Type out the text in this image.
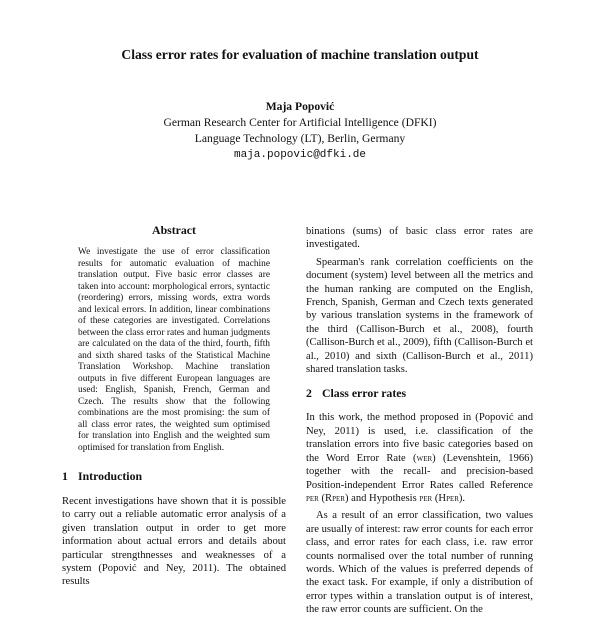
Class error rates for evaluation of machine translation output
Maja Popović
German Research Center for Artificial Intelligence (DFKI)
Language Technology (LT), Berlin, Germany
maja.popovic@dfki.de
Abstract

We investigate the use of error classification results for automatic evaluation of machine translation output. Five basic error classes are taken into account: morphological errors, syntactic (reordering) errors, missing words, extra words and lexical errors. In addition, linear combinations of these categories are investigated. Correlations between the class error rates and human judgments are calculated on the data of the third, fourth, fifth and sixth shared tasks of the Statistical Machine Translation Workshop. Machine translation outputs in five different European languages are used: English, Spanish, French, German and Czech. The results show that the following combinations are the most promising: the sum of all class error rates, the weighted sum optimised for translation into English and the weighted sum optimised for translation from English.

1 Introduction

Recent investigations have shown that it is possible to carry out a reliable automatic error analysis of a given translation output in order to get more information about actual errors and details about particular strengthnesses and weaknesses of a system (Popović and Ney, 2011). The obtained results

binations (sums) of basic class error rates are investigated.

Spearman's rank correlation coefficients on the document (system) level between all the metrics and the human ranking are computed on the English, French, Spanish, German and Czech texts generated by various translation systems in the framework of the third (Callison-Burch et al., 2008), fourth (Callison-Burch et al., 2009), fifth (Callison-Burch et al., 2010) and sixth (Callison-Burch et al., 2011) shared translation tasks.

2 Class error rates

In this work, the method proposed in (Popović and Ney, 2011) is used, i.e. classification of the translation errors into five basic categories based on the Word Error Rate (wer) (Levenshtein, 1966) together with the recall- and precision-based Position-independent Error Rates called Reference per (Rper) and Hypothesis per (Hper).

As a result of an error classification, two values are usually of interest: raw error counts for each error class, and error rates for each class, i.e. raw error counts normalised over the total number of running words. Which of the values is preferred depends of the exact task. For example, if only a distribution of error types within a translation output is of interest, the raw error counts are sufficient. On the
